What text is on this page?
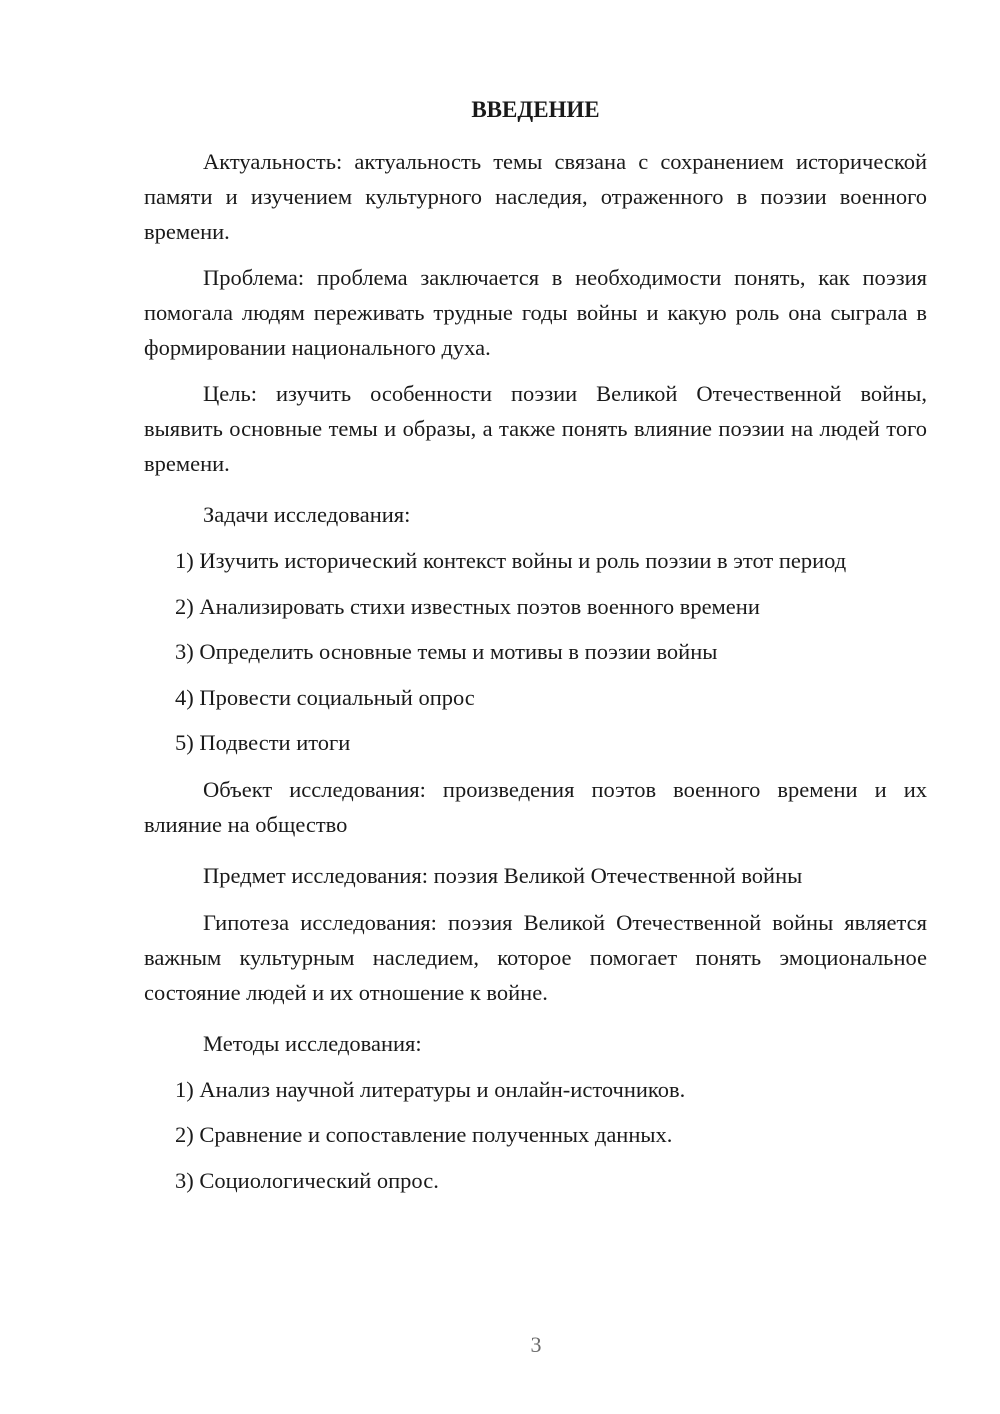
ВВЕДЕНИЕ

Актуальность: актуальность темы связана с сохранением исторической памяти и изучением культурного наследия, отраженного в поэзии военного времени.

Проблема: проблема заключается в необходимости понять, как поэзия помогала людям переживать трудные годы войны и какую роль она сыграла в формировании национального духа.

Цель: изучить особенности поэзии Великой Отечественной войны, выявить основные темы и образы, а также понять влияние поэзии на людей того времени.

Задачи исследования:

1) Изучить исторический контекст войны и роль поэзии в этот период
2) Анализировать стихи известных поэтов военного времени
3) Определить основные темы и мотивы в поэзии войны
4) Провести социальный опрос
5) Подвести итоги

Объект исследования: произведения поэтов военного времени и их влияние на общество

Предмет исследования: поэзия Великой Отечественной войны

Гипотеза исследования: поэзия Великой Отечественной войны является важным культурным наследием, которое помогает понять эмоциональное состояние людей и их отношение к войне.

Методы исследования:

1) Анализ научной литературы и онлайн-источников.
2) Сравнение и сопоставление полученных данных.
3) Социологический опрос.
3
